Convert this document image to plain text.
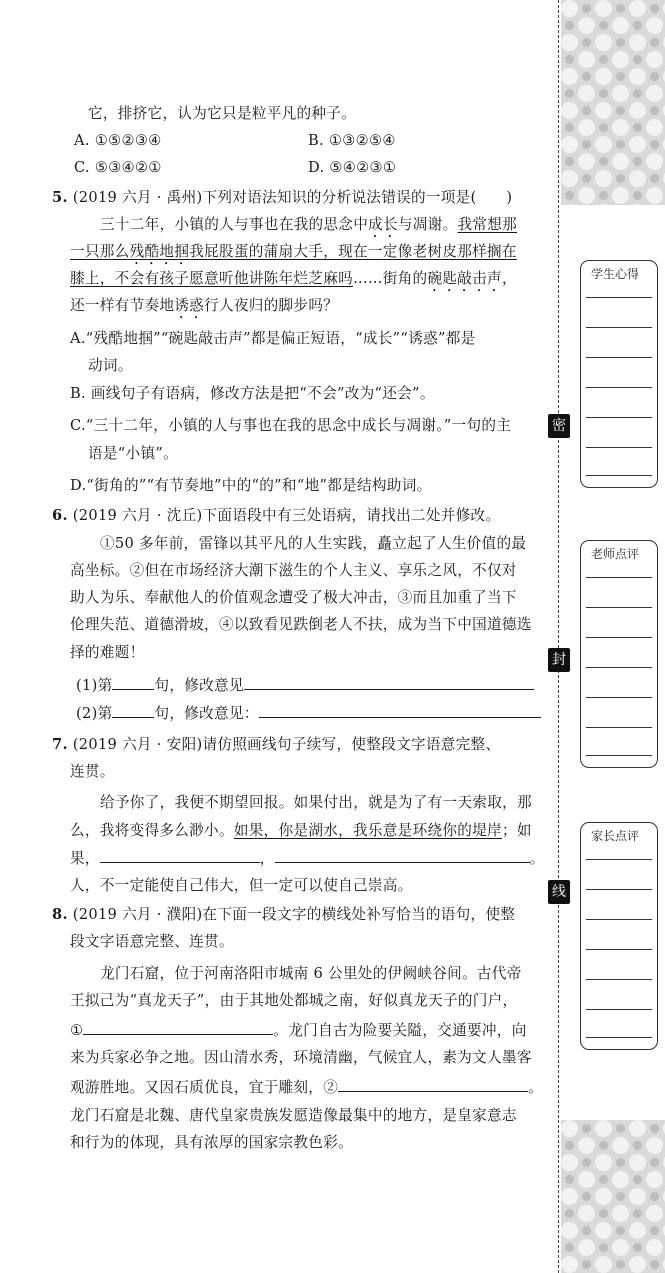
它，排挤它，认为它只是粒平凡的种子。
A. ①⑤②③④	B. ①③②⑤④
C. ⑤③④②①	D. ⑤④②③①
5. (2019 六月 · 禹州)下列对语法知识的分析说法错误的一项是(　　)
三十二年，小镇的人与事也在我的思念中成长与凋谢。我常想那
一只那么残酷地掴我屁股蛋的蒲扇大手，现在一定像老树皮那样搁在
膝上，不会有孩子愿意听他讲陈年烂芝麻吗……街角的碗匙敲击声，
还一样有节奏地诱惑行人夜归的脚步吗？
A.“残酷地掴”“碗匙敲击声”都是偏正短语，“成长”“诱惑”都是
动词。
B. 画线句子有语病，修改方法是把“不会”改为“还会”。
C.“三十二年，小镇的人与事也在我的思念中成长与凋谢。”一句的主
语是“小镇”。
D.“街角的”“有节奏地”中的“的”和“地”都是结构助词。
6. (2019 六月 · 沈丘)下面语段中有三处语病，请找出二处并修改。
①50 多年前，雷锋以其平凡的人生实践，矗立起了人生价值的最
高坐标。②但在市场经济大潮下滋生的个人主义、享乐之风，不仅对
助人为乐、奉献他人的价值观念遭受了极大冲击，③而且加重了当下
伦理失范、道德滑坡，④以致看见跌倒老人不扶，成为当下中国道德选
择的难题！
(1)第	句，修改意见
(2)第	句，修改意见：
7. (2019 六月 · 安阳)请仿照画线句子续写，使整段文字语意完整、
连贯。
给予你了，我便不期望回报。如果付出，就是为了有一天索取，那
么，我将变得多么渺小。如果，你是湖水，我乐意是环绕你的堤岸；如
果，	，	。
人，不一定能使自己伟大，但一定可以使自己崇高。
8. (2019 六月 · 濮阳)在下面一段文字的横线处补写恰当的语句，使整
段文字语意完整、连贯。
龙门石窟，位于河南洛阳市城南 6 公里处的伊阙峡谷间。古代帝
王拟己为“真龙天子”，由于其地处都城之南，好似真龙天子的门户，
①	。龙门自古为险要关隘，交通要冲，向
来为兵家必争之地。因山清水秀，环境清幽，气候宜人，素为文人墨客
观游胜地。又因石质优良，宜于雕刻，②	。
龙门石窟是北魏、唐代皇家贵族发愿造像最集中的地方，是皇家意志
和行为的体现，具有浓厚的国家宗教色彩。
密
封
线
学生心得
老师点评
家长点评
